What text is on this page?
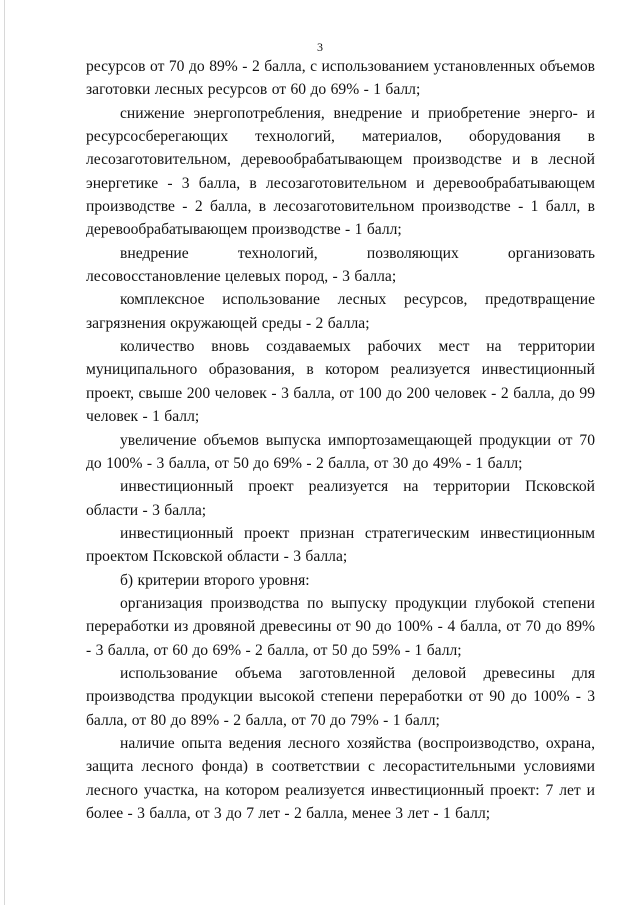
3

ресурсов от 70 до 89% - 2 балла, с использованием установленных объемов заготовки лесных ресурсов от 60 до 69% - 1 балл;

снижение энергопотребления, внедрение и приобретение энерго- и ресурсосберегающих технологий, материалов, оборудования в лесозаготовительном, деревообрабатывающем производстве и в лесной энергетике - 3 балла, в лесозаготовительном и деревообрабатывающем производстве - 2 балла, в лесозаготовительном производстве - 1 балл, в деревообрабатывающем производстве - 1 балл;

внедрение технологий, позволяющих организовать лесовосстановление целевых пород, - 3 балла;

комплексное использование лесных ресурсов, предотвращение загрязнения окружающей среды - 2 балла;

количество вновь создаваемых рабочих мест на территории муниципального образования, в котором реализуется инвестиционный проект, свыше 200 человек - 3 балла, от 100 до 200 человек - 2 балла, до 99 человек - 1 балл;

увеличение объемов выпуска импортозамещающей продукции от 70 до 100% - 3 балла, от 50 до 69% - 2 балла, от 30 до 49% - 1 балл;

инвестиционный проект реализуется на территории Псковской области - 3 балла;

инвестиционный проект признан стратегическим инвестиционным проектом Псковской области - 3 балла;

б) критерии второго уровня:

организация производства по выпуску продукции глубокой степени переработки из дровяной древесины от 90 до 100% - 4 балла, от 70 до 89% - 3 балла, от 60 до 69% - 2 балла, от 50 до 59% - 1 балл;

использование объема заготовленной деловой древесины для производства продукции высокой степени переработки от 90 до 100% - 3 балла, от 80 до 89% - 2 балла, от 70 до 79% - 1 балл;

наличие опыта ведения лесного хозяйства (воспроизводство, охрана, защита лесного фонда) в соответствии с лесорастительными условиями лесного участка, на котором реализуется инвестиционный проект: 7 лет и более - 3 балла, от 3 до 7 лет - 2 балла, менее 3 лет - 1 балл;
